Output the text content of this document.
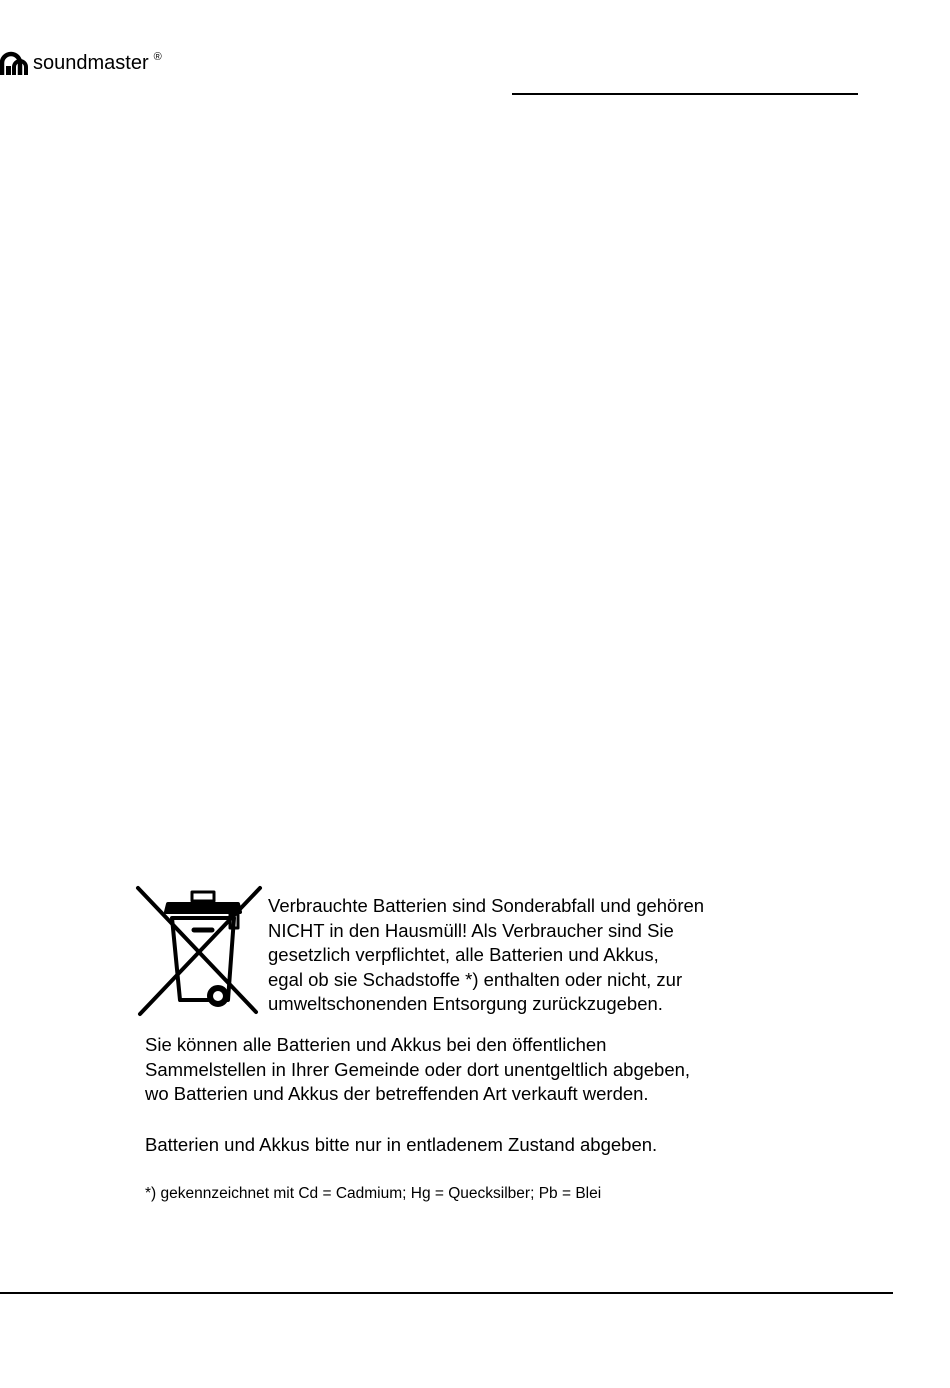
soundmaster ®

Verbrauchte Batterien sind Sonderabfall und gehören
NICHT in den Hausmüll! Als Verbraucher sind Sie
gesetzlich verpflichtet, alle Batterien und Akkus,
egal ob sie Schadstoffe *) enthalten oder nicht, zur
umweltschonenden Entsorgung zurückzugeben.

Sie können alle Batterien und Akkus bei den öffentlichen
Sammelstellen in Ihrer Gemeinde oder dort unentgeltlich abgeben,
wo Batterien und Akkus der betreffenden Art verkauft werden.

Batterien und Akkus bitte nur in entladenem Zustand abgeben.

*) gekennzeichnet mit Cd = Cadmium; Hg = Quecksilber; Pb = Blei
